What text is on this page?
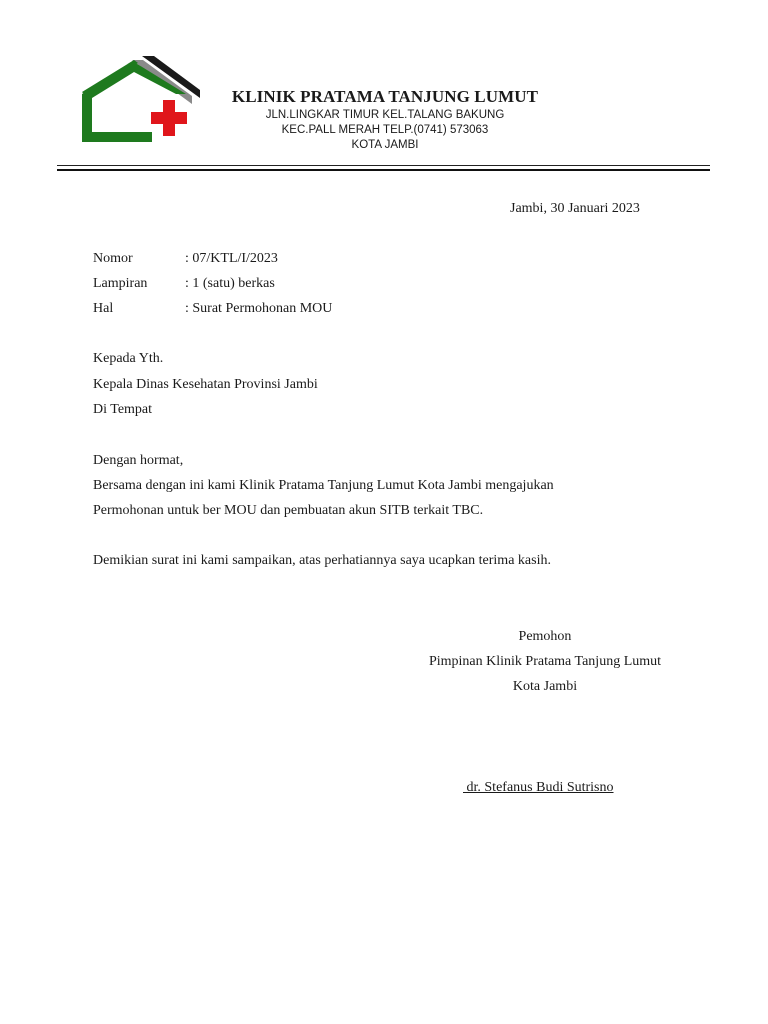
KLINIK PRATAMA TANJUNG LUMUT

JLN.LINGKAR TIMUR KEL.TALANG BAKUNG

KEC.PALL MERAH TELP.(0741) 573063

KOTA JAMBI

Jambi, 30 Januari 2023
Nomor	: 07/KTL/I/2023
Lampiran	: 1 (satu) berkas
Hal	: Surat Permohonan MOU
Kepada Yth.
Kepala Dinas Kesehatan Provinsi Jambi
Di Tempat
Dengan hormat,
Bersama dengan ini kami Klinik Pratama Tanjung Lumut Kota Jambi mengajukan
Permohonan untuk ber MOU dan pembuatan akun SITB terkait TBC.
Demikian surat ini kami sampaikan, atas perhatiannya saya ucapkan terima kasih.
Pemohon
Pimpinan Klinik Pratama Tanjung Lumut
Kota Jambi
dr. Stefanus Budi Sutrisno
